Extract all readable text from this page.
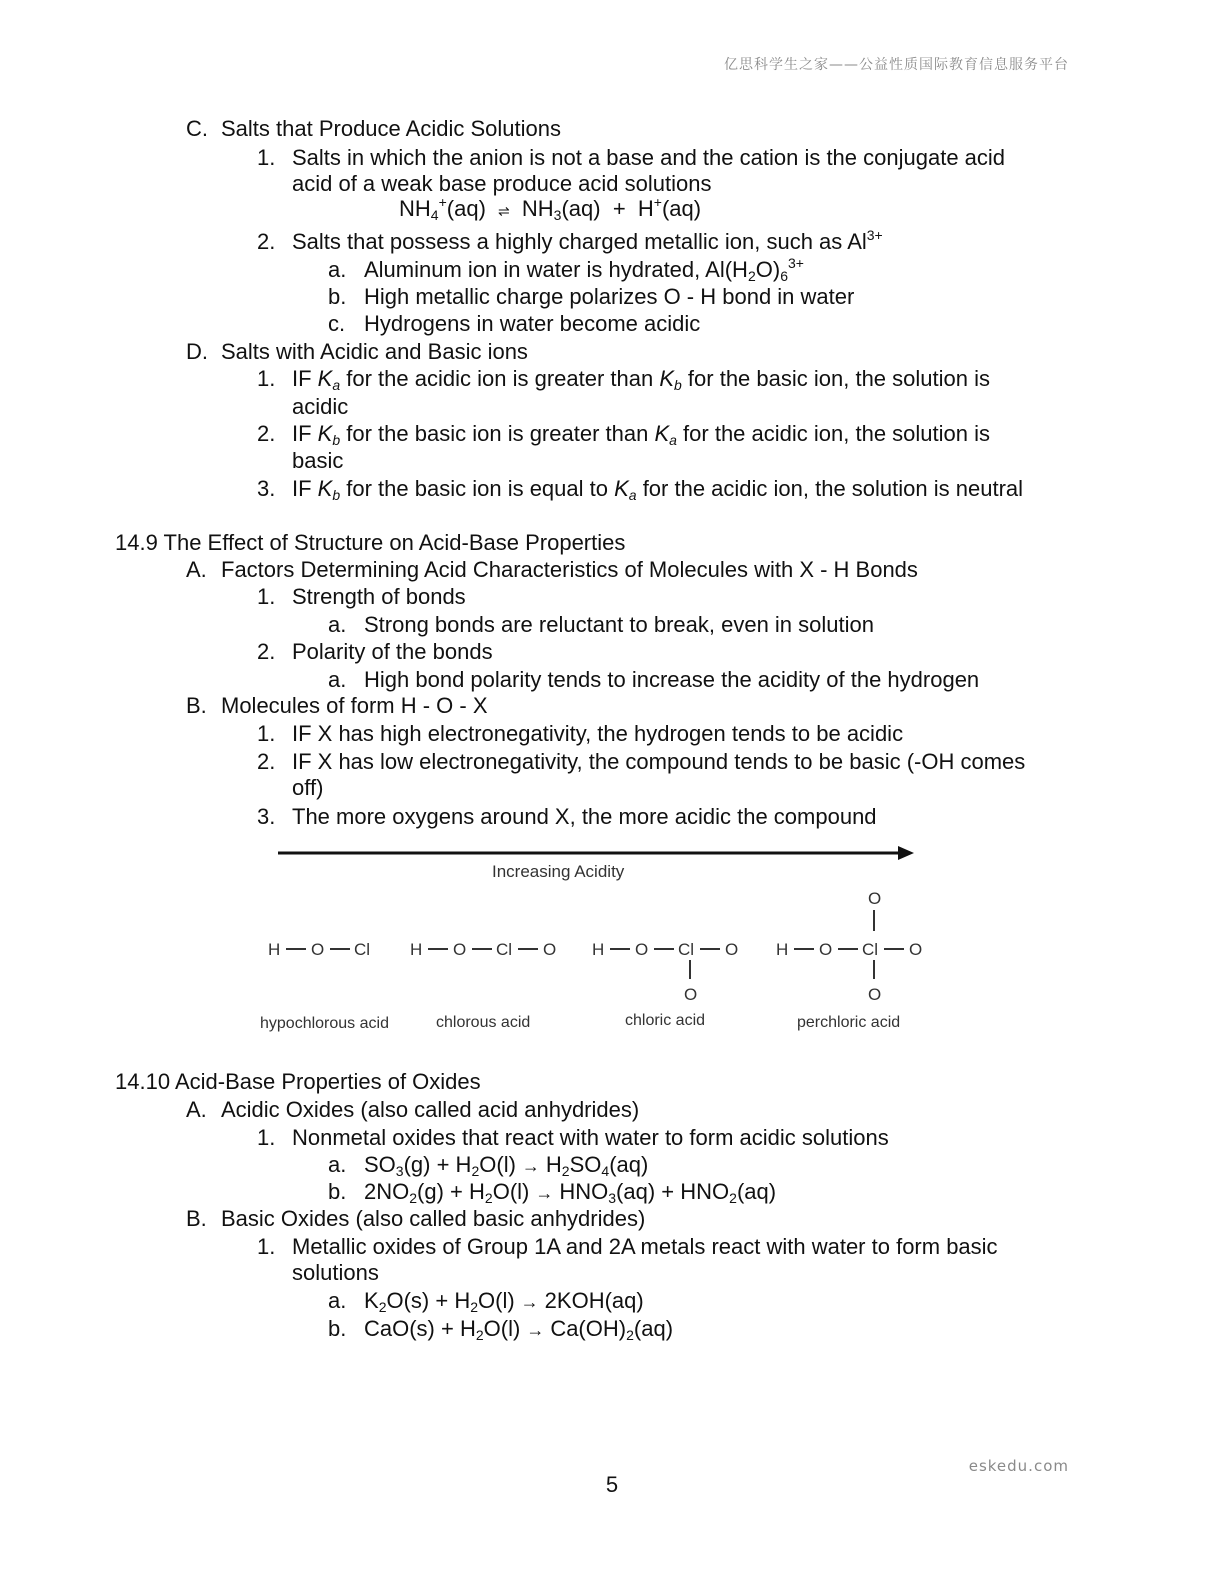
亿思科学生之家——公益性质国际教育信息服务平台
C. Salts that Produce Acidic Solutions
1. Salts in which the anion is not a base and the cation is the conjugate acid
acid of a weak base produce acid solutions
$NH_4^+(aq)$ ⇌ $NH_3(aq) + H^+(aq)$
2. Salts that possess a highly charged metallic ion, such as $Al^{3+}$
a. Aluminum ion in water is hydrated, $Al(H_2O)_6^{3+}$
b. High metallic charge polarizes O - H bond in water
c. Hydrogens in water become acidic
D. Salts with Acidic and Basic ions
1. IF $K_a$ for the acidic ion is greater than $K_b$ for the basic ion, the solution is
acidic
2. IF $K_b$ for the basic ion is greater than $K_a$ for the acidic ion, the solution is
basic
3. IF $K_b$ for the basic ion is equal to $K_a$ for the acidic ion, the solution is neutral
14.9 The Effect of Structure on Acid-Base Properties
A. Factors Determining Acid Characteristics of Molecules with X - H Bonds
1. Strength of bonds
a. Strong bonds are reluctant to break, even in solution
2. Polarity of the bonds
a. High bond polarity tends to increase the acidity of the hydrogen
B. Molecules of form H - O - X
1. IF X has high electronegativity, the hydrogen tends to be acidic
2. IF X has low electronegativity, the compound tends to be basic (-OH comes
off)
3. The more oxygens around X, the more acidic the compound
Increasing Acidity
H O Cl H O Cl O H O Cl O
O
H O Cl O
O
O
hypochlorous acid	chlorous acid	chloric acid	perchloric acid
14.10 Acid-Base Properties of Oxides
A. Acidic Oxides (also called acid anhydrides)
1. Nonmetal oxides that react with water to form acidic solutions
a. $SO_3(g) + H_2O(l) \to H_2SO_4(aq)$
b. $2NO_2(g) + H_2O(l) \to HNO_3(aq) + HNO_2(aq)$
B. Basic Oxides (also called basic anhydrides)
1. Metallic oxides of Group 1A and 2A metals react with water to form basic
solutions
a. $K_2O(s) + H_2O(l) \to 2KOH(aq)$
b. $CaO(s) + H_2O(l) \to Ca(OH)_2(aq)$
eskedu.com
5
